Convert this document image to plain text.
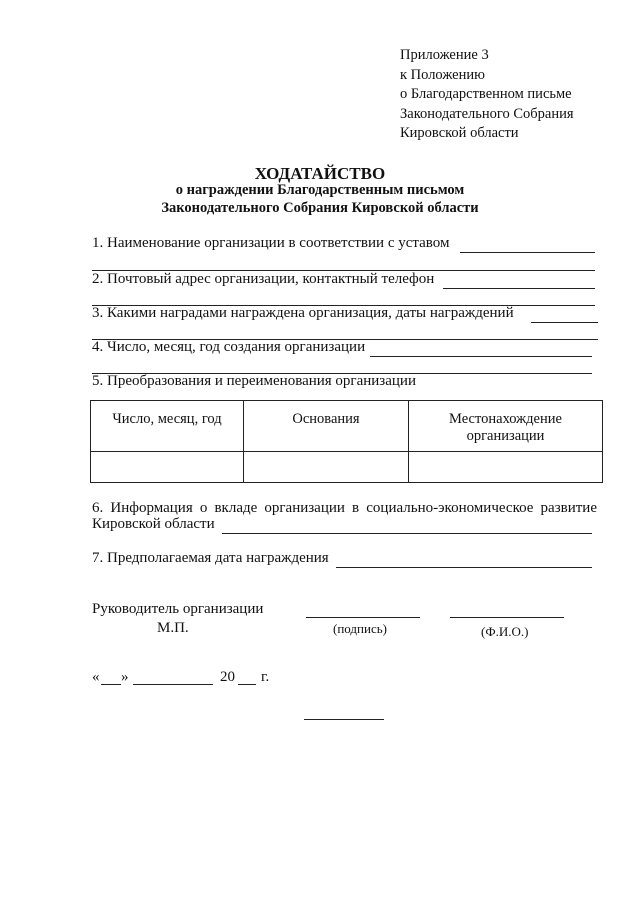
Приложение 3
к Положению
о Благодарственном письме
Законодательного Собрания
Кировской области
ХОДАТАЙСТВО
о награждении Благодарственным письмом
Законодательного Собрания Кировской области
1. Наименование организации в соответствии с уставом
2. Почтовый адрес организации, контактный телефон
3. Какими наградами награждена организация, даты награждений
4. Число, месяц, год создания организации
5. Преобразования и переименования организации
Число, месяц, год	Основания	Местонахождение организации

6. Информация о вкладе организации в социально-экономическое развитие
Кировской области
7. Предполагаемая дата награждения
Руководитель организации
М.П.	(подпись)	(Ф.И.О.)
« »	20 г.
